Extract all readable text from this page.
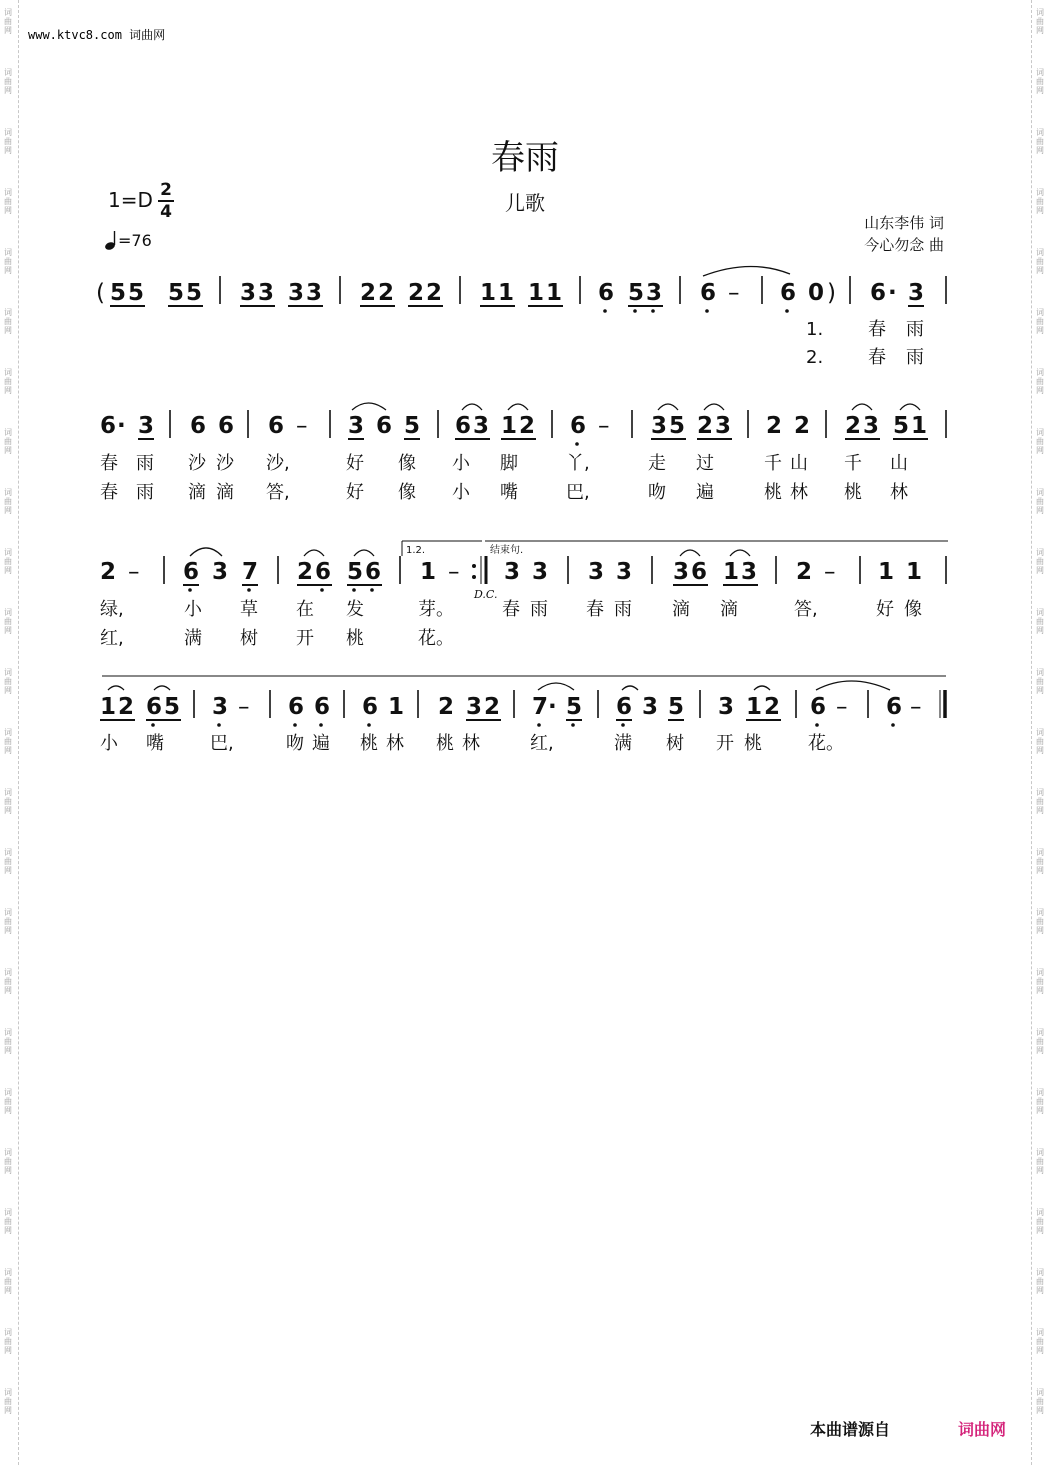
词
曲
网
词
曲
网
词
曲
网
词
曲
网
词
曲
网
词
曲
网
词
曲
网
词
曲
网
词
曲
网
词
曲
网
词
曲
网
词
曲
网
词
曲
网
词
曲
网
词
曲
网
词
曲
网
词
曲
网
词
曲
网
词
曲
网
词
曲
网
词
曲
网
词
曲
网
词
曲
网
词
曲
网
词
曲
网
词
曲
网
词
曲
网
词
曲
网
词
曲
网
词
曲
网
词
曲
网
词
曲
网
词
曲
网
词
曲
网
词
曲
网
词
曲
网
词
曲
网
词
曲
网
词
曲
网
词
曲
网
词
曲
网
词
曲
网
词
曲
网
词
曲
网
词
曲
网
词
曲
网
词
曲
网
词
曲
网
www.ktvc8.com 词曲网
春雨
儿歌
1=D 2
4
=76
山东李伟 词
今心勿念 曲
( 5 5 5 5 3 3 3 3 2 2 2 2 1 1 1 1 6 5 3 6 – 6 0 ) 6 · 3
1. 春 雨
2. 春 雨
6 · 3 6 6 6 – 3 6 5 6 3 1 2 6 – 3 5 2 3 2 2 2 3 5 1
春 雨 沙 沙 沙,	好 像 小 脚	丫,	走 过	千 山 千 山
春 雨 滴 滴 答,	好 像 小 嘴	巴,	吻 遍	桃 林 桃 林
2 – 6 3 7 2 6 5 6
1.2.
1 –
D.C.
结束句.
3 3 3 3 3 6 1 3 2 – 1 1
绿,	小 草 在 发	芽。	春 雨 春 雨 滴 滴	答,	好 像
红,	满 树 开 桃	花。
1 2 6 5 3 – 6 6 6 1 2 3 2 7 · 5 6 3 5 3 1 2 6 – 6 –
小 嘴	巴,	吻 遍 桃 林 桃 林	红,	满 树 开 桃	花。
本曲谱源自	词曲网
